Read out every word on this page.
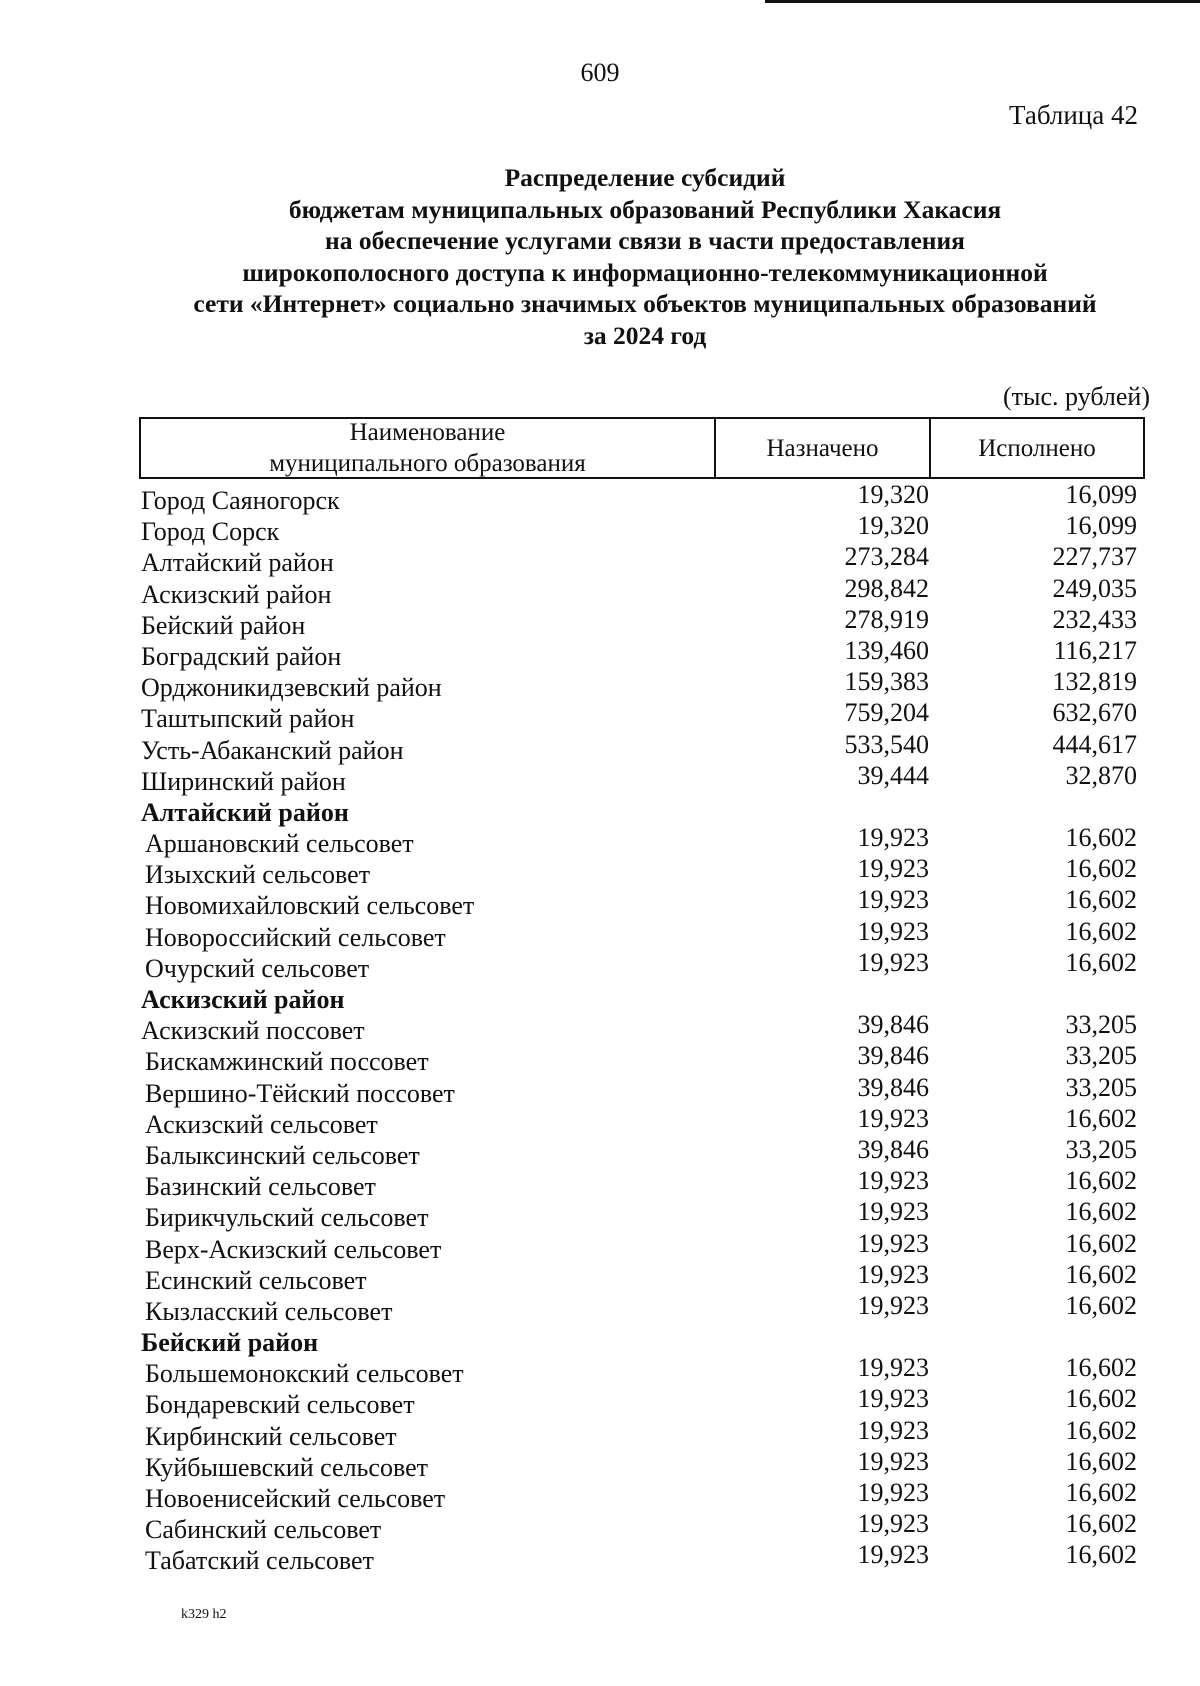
609
Таблица 42
Распределение субсидий
бюджетам муниципальных образований Республики Хакасия
на обеспечение услугами связи в части предоставления
широкополосного доступа к информационно-телекоммуникационной
сети «Интернет» социально значимых объектов муниципальных образований
за 2024 год
(тыс. рублей)
Наименование
муниципального образования
Назначено	Исполнено
Город Саяногорск	19,320	16,099
Город Сорск	19,320	16,099
Алтайский район	273,284	227,737
Аскизский район	298,842	249,035
Бейский район	278,919	232,433
Боградский район	139,460	116,217
Орджоникидзевский район	159,383	132,819
Таштыпский район	759,204	632,670
Усть-Абаканский район	533,540	444,617
Ширинский район	39,444	32,870
Алтайский район
Аршановский сельсовет	19,923	16,602
Изыхский сельсовет	19,923	16,602
Новомихайловский сельсовет	19,923	16,602
Новороссийский сельсовет	19,923	16,602
Очурский сельсовет	19,923	16,602
Аскизский район
Аскизский поссовет	39,846	33,205
Бискамжинский поссовет	39,846	33,205
Вершино-Тёйский поссовет	39,846	33,205
Аскизский сельсовет	19,923	16,602
Балыксинский сельсовет	39,846	33,205
Базинский сельсовет	19,923	16,602
Бирикчульский сельсовет	19,923	16,602
Верх-Аскизский сельсовет	19,923	16,602
Есинский сельсовет	19,923	16,602
Кызласский сельсовет	19,923	16,602
Бейский район
Большемонокский сельсовет	19,923	16,602
Бондаревский сельсовет	19,923	16,602
Кирбинский сельсовет	19,923	16,602
Куйбышевский сельсовет	19,923	16,602
Новоенисейский сельсовет	19,923	16,602
Сабинский сельсовет	19,923	16,602
Табатский сельсовет	19,923	16,602
k329 h2
